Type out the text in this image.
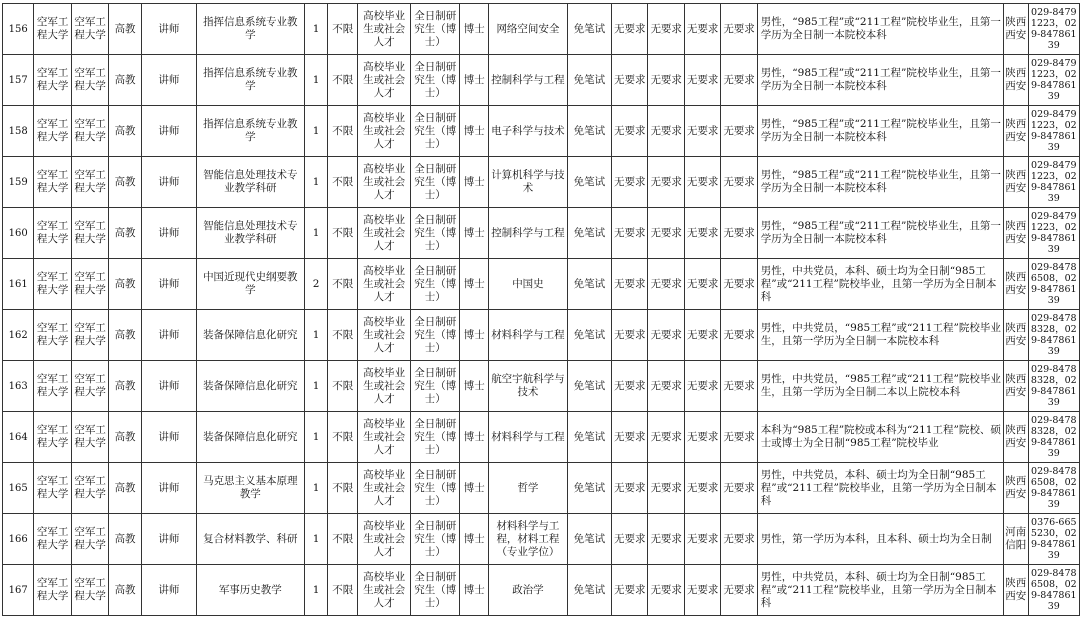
156	空军工程大学	空军工程大学	高教	讲师	指挥信息系统专业教学	1	不限	高校毕业生或社会人才	全日制研究生（博士）	博士	网络空间安全	免笔试	无要求	无要求	无要求	无要求	男性，“985工程”或“211工程”院校毕业生，且第一学历为全日制一本院校本科	陕西西安	029-84791223，029-84786139
157	空军工程大学	空军工程大学	高教	讲师	指挥信息系统专业教学	1	不限	高校毕业生或社会人才	全日制研究生（博士）	博士	控制科学与工程	免笔试	无要求	无要求	无要求	无要求	男性，“985工程”或“211工程”院校毕业生，且第一学历为全日制一本院校本科	陕西西安	029-84791223，029-84786139
158	空军工程大学	空军工程大学	高教	讲师	指挥信息系统专业教学	1	不限	高校毕业生或社会人才	全日制研究生（博士）	博士	电子科学与技术	免笔试	无要求	无要求	无要求	无要求	男性，“985工程”或“211工程”院校毕业生，且第一学历为全日制一本院校本科	陕西西安	029-84791223，029-84786139
159	空军工程大学	空军工程大学	高教	讲师	智能信息处理技术专业教学科研	1	不限	高校毕业生或社会人才	全日制研究生（博士）	博士	计算机科学与技术	免笔试	无要求	无要求	无要求	无要求	男性，“985工程”或“211工程”院校毕业生，且第一学历为全日制一本院校本科	陕西西安	029-84791223，029-84786139
160	空军工程大学	空军工程大学	高教	讲师	智能信息处理技术专业教学科研	1	不限	高校毕业生或社会人才	全日制研究生（博士）	博士	控制科学与工程	免笔试	无要求	无要求	无要求	无要求	男性，“985工程”或“211工程”院校毕业生，且第一学历为全日制一本院校本科	陕西西安	029-84791223，029-84786139
161	空军工程大学	空军工程大学	高教	讲师	中国近现代史纲要教学	2	不限	高校毕业生或社会人才	全日制研究生（博士）	博士	中国史	免笔试	无要求	无要求	无要求	无要求	男性，中共党员，本科、硕士均为全日制“985工程”或“211工程”院校毕业，且第一学历为全日制本科	陕西西安	029-84786508，029-84786139
162	空军工程大学	空军工程大学	高教	讲师	装备保障信息化研究	1	不限	高校毕业生或社会人才	全日制研究生（博士）	博士	材料科学与工程	免笔试	无要求	无要求	无要求	无要求	男性，中共党员，“985工程”或“211工程”院校毕业生，且第一学历为全日制一本院校本科	陕西西安	029-84788328，029-84786139
163	空军工程大学	空军工程大学	高教	讲师	装备保障信息化研究	1	不限	高校毕业生或社会人才	全日制研究生（博士）	博士	航空宇航科学与技术	免笔试	无要求	无要求	无要求	无要求	男性，中共党员，“985工程”或“211工程”院校毕业生，且第一学历为全日制二本以上院校本科	陕西西安	029-84788328，029-84786139
164	空军工程大学	空军工程大学	高教	讲师	装备保障信息化研究	1	不限	高校毕业生或社会人才	全日制研究生（博士）	博士	材料科学与工程	免笔试	无要求	无要求	无要求	无要求	本科为“985工程”院校或本科为“211工程”院校、硕士或博士为全日制“985工程”院校毕业	陕西西安	029-84788328，029-84786139
165	空军工程大学	空军工程大学	高教	讲师	马克思主义基本原理教学	1	不限	高校毕业生或社会人才	全日制研究生（博士）	博士	哲学	免笔试	无要求	无要求	无要求	无要求	男性，中共党员，本科、硕士均为全日制“985工程”或“211工程”院校毕业，且第一学历为全日制本科	陕西西安	029-84786508，029-84786139
166	空军工程大学	空军工程大学	高教	讲师	复合材料教学、科研	1	不限	高校毕业生或社会人才	全日制研究生（博士）	博士	材料科学与工程，材料工程（专业学位）	免笔试	无要求	无要求	无要求	无要求	男性，第一学历为本科，且本科、硕士均为全日制	河南信阳	0376-6655230，029-84786139
167	空军工程大学	空军工程大学	高教	讲师	军事历史教学	1	不限	高校毕业生或社会人才	全日制研究生（博士）	博士	政治学	免笔试	无要求	无要求	无要求	无要求	男性，中共党员，本科、硕士均为全日制“985工程”或“211工程”院校毕业，且第一学历为全日制本科	陕西西安	029-84786508，029-84786139
